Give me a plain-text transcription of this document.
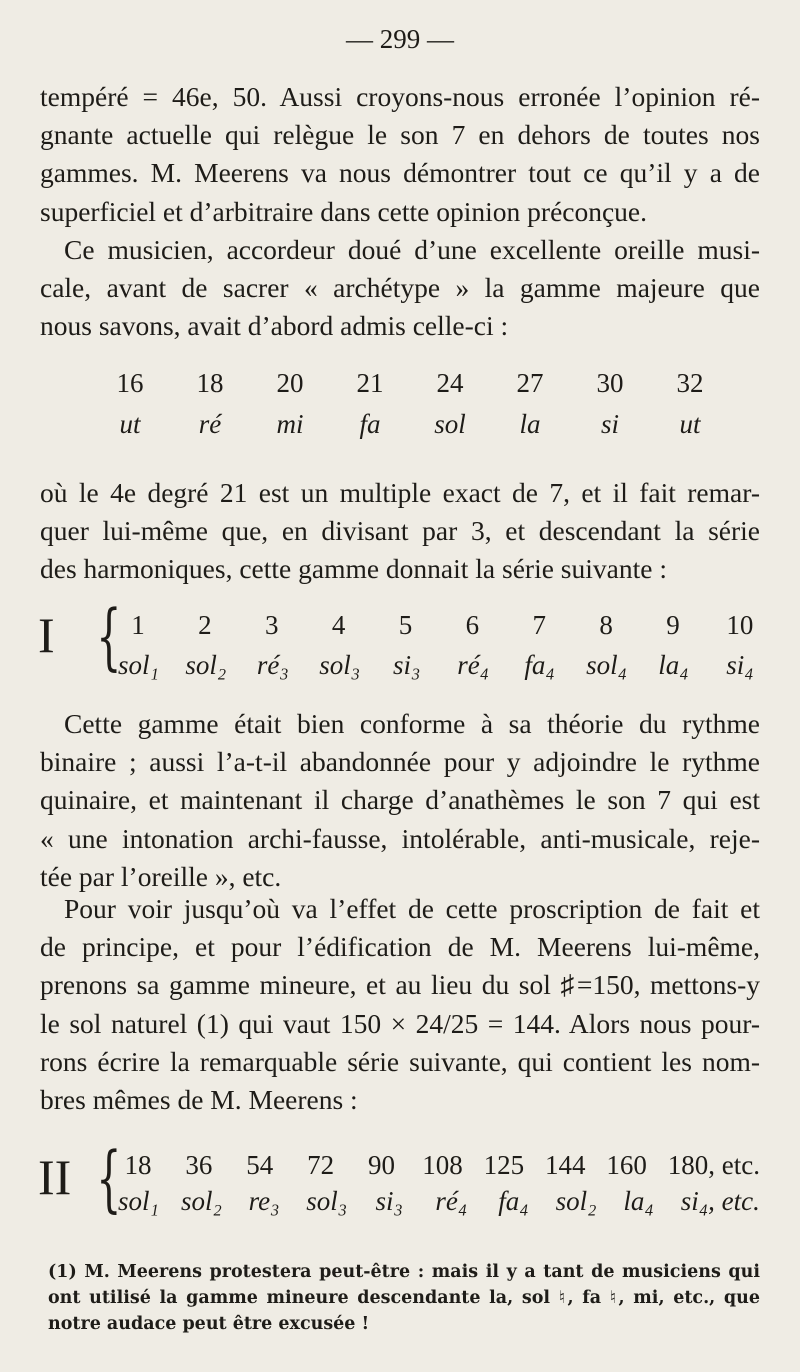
— 299 —
tempéré = 46e, 50. Aussi croyons-nous erronée l’opinion ré-
gnante actuelle qui relègue le son 7 en dehors de toutes nos
gammes. M. Meerens va nous démontrer tout ce qu’il y a de
superficiel et d’arbitraire dans cette opinion préconçue.
Ce musicien, accordeur doué d’une excellente oreille musi-
cale, avant de sacrer « archétype » la gamme majeure que
nous savons, avait d’abord admis celle-ci :
16	18	20	21	24	27	30	32
ut	ré	mi	fa	sol	la	si	ut
où le 4e degré 21 est un multiple exact de 7, et il fait remar-
quer lui-même que, en divisant par 3, et descendant la série
des harmoniques, cette gamme donnait la série suivante :
I { 1	2	3	4	5	6	7	8	9	10
sol₁ sol₂ ré₃ sol₃ si₃ ré₄ fa₄ sol₄ la₄ si₄
Cette gamme était bien conforme à sa théorie du rythme
binaire ; aussi l’a-t-il abandonnée pour y adjoindre le rythme
quinaire, et maintenant il charge d’anathèmes le son 7 qui est
« une intonation archi-fausse, intolérable, anti-musicale, reje-
tée par l’oreille », etc.
Pour voir jusqu’où va l’effet de cette proscription de fait et
de principe, et pour l’édification de M. Meerens lui-même,
prenons sa gamme mineure, et au lieu du sol ♯=150, mettons-y
le sol naturel (1) qui vaut 150 × 24/25 = 144. Alors nous pour-
rons écrire la remarquable série suivante, qui contient les nom-
bres mêmes de M. Meerens :
II { 18 36 54 72 90 108 125 144 160 180, etc.
sol₁ sol₂ re₃ sol₃ si₃ ré₄ fa₄ sol₂ la₄ si₄, etc.
(1) M. Meerens protestera peut-être : mais il y a tant de musiciens qui
ont utilisé la gamme mineure descendante la, sol ♮, fa ♮, mi, etc., que
notre audace peut être excusée !
